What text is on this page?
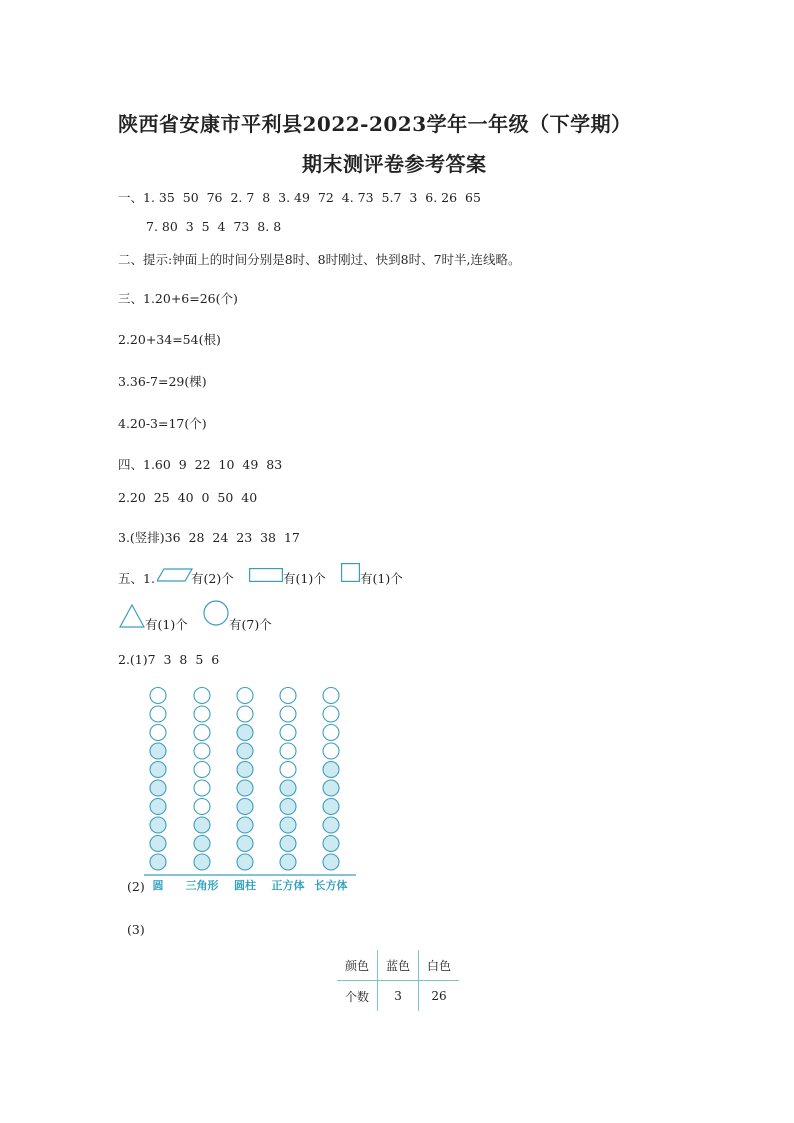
陕西省安康市平利县2022-2023学年一年级（下学期）
期末测评卷参考答案
一、1. 35  50  76  2. 7  8  3. 49  72  4. 73  5.7  3  6. 26  65
7. 80  3  5  4  73  8. 8
二、提示:钟面上的时间分别是8时、8时刚过、快到8时、7时半,连线略。
三、1.20+6=26(个)
2.20+34=54(根)
3.36-7=29(棵)
4.20-3=17(个)
四、1.60  9  22  10  49  83
2.20  25  40  0  50  40
3.(竖排)36  28  24  23  38  17
五、1.	有(2)个	有(1)个	有(1)个
有(1)个	有(7)个
2.(1)7  3  8  5  6
圆 三角形 圆柱 正方体 长方体
(2)
(3)
颜色	蓝色	白色
个数	3	26
